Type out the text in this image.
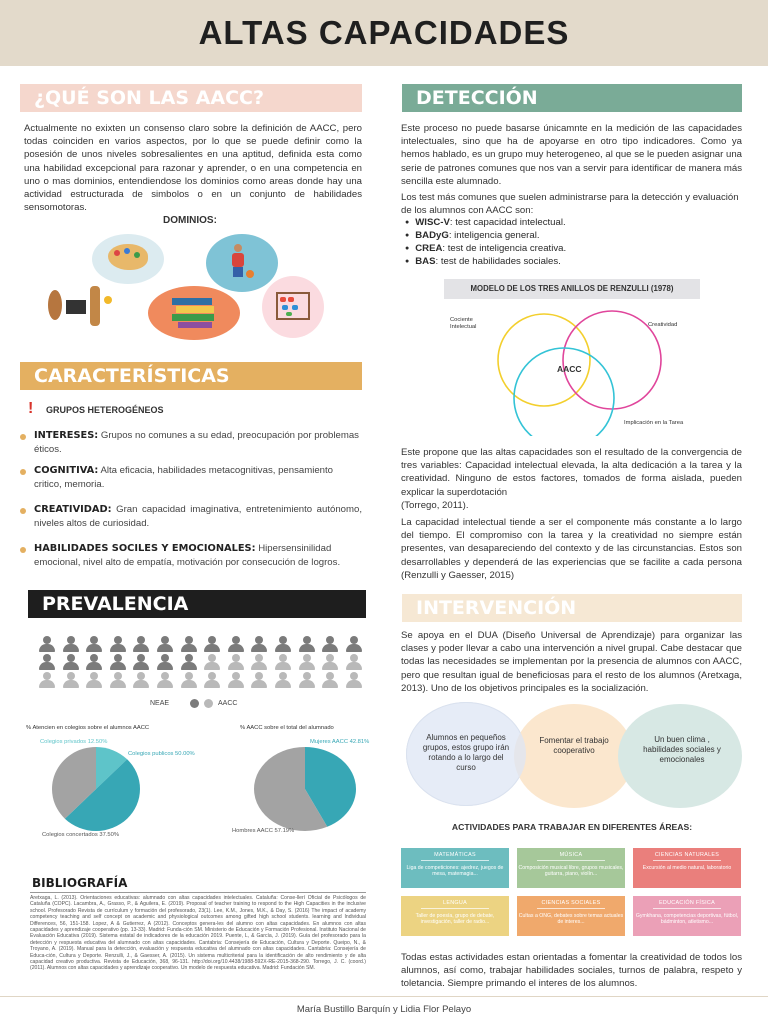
ALTAS CAPACIDADES
¿QUÉ SON LAS AACC?
Actualmente no exixten un consenso claro sobre la definición de AACC, pero todas coinciden en varios aspectos, por lo que se puede definir como la posesión de unos niveles sobresalientes en una aptitud, definida esta como una habilidad excepcional para razonar y aprender, o en una competencia en uno o mas dominios, entendiendose los dominios como areas donde hay una actividad estructurada de simbolos o en un conjunto de habilidades sensomotoras.
DOMINIOS:
CARACTERÍSTICAS
! GRUPOS HETEROGÉNEOS
INTERESES: Grupos no comunes a su edad, preocupación por problemas éticos.
COGNITIVA: Alta eficacia, habilidades metacognitivas, pensamiento critico, memoria.
CREATIVIDAD: Gran capacidad imaginativa, entretenimiento autónomo, niveles altos de curiosidad.
HABILIDADES SOCILES Y EMOCIONALES: Hipersensinilidad emocional, nivel alto de empatía, motivación por consecución de logros.
PREVALENCIA
NEAE	AACC
% Atencien en colegios sobre el alumnos AACC	% AACC sobre el total del alumnado
Colegios privados 12.50%
Colegios publicos 50.00%
Colegios concertados 37.50%
Mujeres AACC 42.81%
Hombres AACC 57.19%
BIBLIOGRAFÍA
Aretxaga, L. (2013). Orientaciones educativas: alumnado con altas capacidades intelectuales. Cataluña: Conse-llerí Oficial de Psicólogos de Cataluña (COPC). Lacambra, A., Grasso, P., & Aguilera, E. (2019). Proposal of teacher training to respond to the High Capacities in the inclusive school. Profesorado Revista de currículum y formación del profesorado, 23(1). Lee, K.M., Jones, M.K., & Day, S. (2016) The impact of academy competency teaching and self concept on academic and physiological outcomes among gifted high school students. learning and Individual Differences, 56, 151-158. Lopez, A & Gutierrez, A (2012). Conceptos genera-les del alumno con altas capacidades. En alumnos con altas capacidades y aprendizaje cooperativo (pp. 13-33). Madrid: Funda-ción SM. Ministerio de Educación y Formación Profesional. Instituto Nacional de Evaluación Educativa (2019). Sistema estatal de indicadores de la educación 2019. Puente, L, & García, J. (2019). Guía del profesorado para la detección y respuesta educativa del alumnado con altas capacidades. Cantabria: Consejería de Educación, Cultura y Deporte. Queipo, N., & Troyano, A. (2019). Manual para la detección, evaluación y respuesta educativa del alumnado con altas capacidades. Cantabria: Consejería de Educa-ción, Cultura y Deporte. Renzulli, J., & Gaesser, A. (2015). Un sistema multicriterial para la identificación de alto rendimiento y de alta capacidad creativo productiva. Revista de Educación, 368, 96-131. http://doi.org/10.4438/1988-592X-RE-2015-368-290. Torrego, J. C. (coord.) (2011). Alumnos con altas capacidades y aprendizaje cooperativo. Un modelo de respuesta educativa. Madrid: Fundación SM.
DETECCIÓN
Este proceso no puede basarse únicamnte en la medición de las capacidades intelectuales, sino que ha de apoyarse en otro tipo indicadores. Como ya hemos hablado, es un grupo muy heterogeneo, al que se le pueden asignar una serie de patrones comunes que nos van a servir para identificar de manera más sencilla este alumnado.
Los test más comunes que suelen administrarse para la detección y evaluación de los alumnos con AACC son:
● WISC-V: test capacidad intelectual.
● BADyG: inteligencia general.
● CREA: test de inteligencia creativa.
● BAS: test de habilidades sociales.
MODELO DE LOS TRES ANILLOS DE RENZULLI (1978)
Cociente Intelectual	Creatividad
AACC
Implicación en la Tarea
Este propone que las altas capacidades son el resultado de la convergencia de tres variables: Capacidad intelectual elevada, la alta dedicación a la tarea y la creatividad. Ninguno de estos factores, tomados de forma aislada, pueden explicar la superdotación
(Torrego, 2011).
La capacidad intelectual tiende a ser el componente más constante a lo largo del tiempo. El compromiso con la tarea y la creatividad no siempre están presentes, van desapareciendo del contexto y de las circunstancias. Estos son desarrollables y dependerá de las experiencias que se facilite a cada persona (Renzulli y Gaesser, 2015)
INTERVENCIÓN
Se apoya en el DUA (Diseño Universal de Aprendizaje) para organizar las clases y poder llevar a cabo una intervención a nivel grupal. Cabe destacar que todas las necesidades se implementan por la presencia de alumnos con AACC, pero que resultan igual de beneficiosas para el resto de los alumnos (Aretxaga, 2013). Uno de los objetivos principales es la socialización.
Alumnos en pequeños grupos, estos grupo irán rotando a lo largo del curso
Fomentar el trabajo cooperativo
Un buen clima , habilidades sociales y emocionales
ACTIVIDADES PARA TRABAJAR EN DIFERENTES ÁREAS:
MATEMÁTICAS
Liga de competiciones: ajedrez, juegos de mesa, matemagia...
MÚSICA
Composición musical libre, grupos musicales, guitarra, piano, violín...
CIENCIAS NATURALES
Excursión al medio natural, laboratorio
LENGUA
Taller de poesía, grupo de debate, investigación, taller de radio...
CIENCIAS SOCIALES
Cultas a ONG, debates sobre temas actuales de interes...
EDUCACIÓN FÍSICA
Gymkhana, competencias deportivas, fútbol, bádminton, atletismo...
Todas estas actividades estan orientadas a fomentar la creatividad de todos los alumnos, así como, trabajar habilidades sociales, turnos de palabra, respeto y toletancia. Siempre primando el interes de los alumnos.
María Bustillo Barquín y Lidia Flor Pelayo
